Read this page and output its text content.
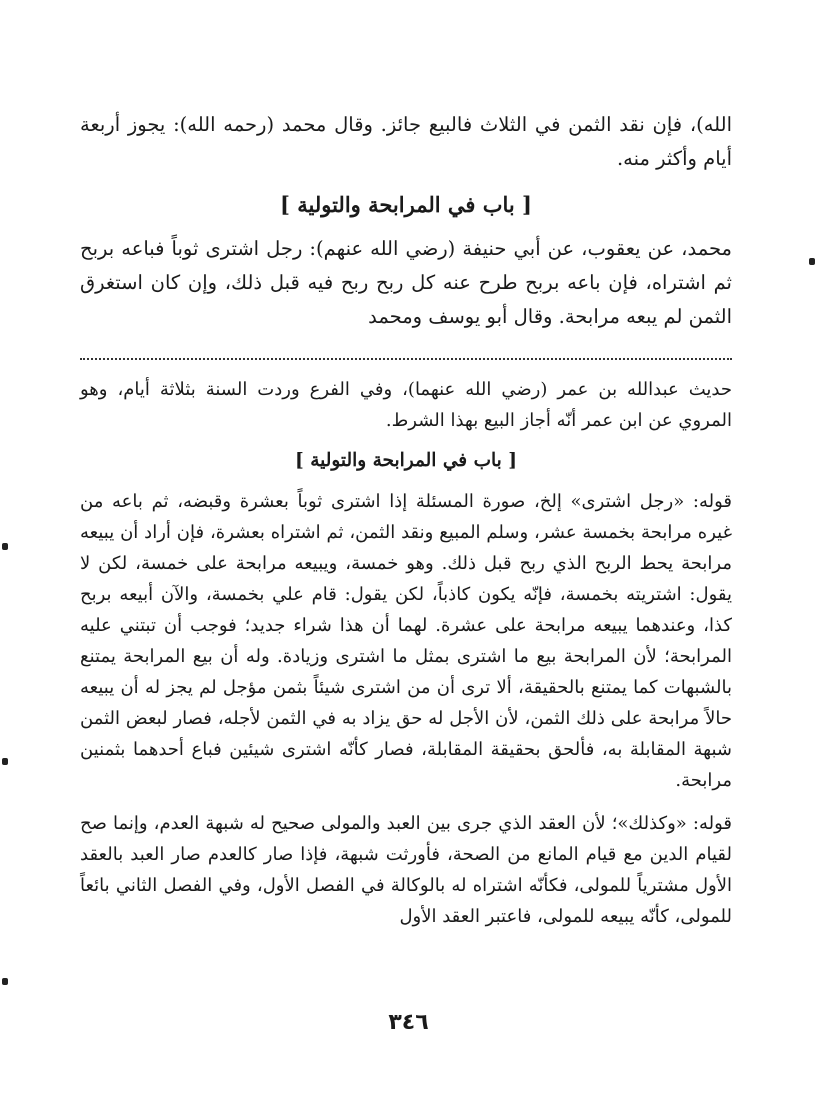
الله)، فإن نقد الثمن في الثلاث فالبيع جائز. وقال محمد (رحمه الله): يجوز أربعة أيام وأكثر منه.

[ باب في المرابحة والتولية ]

محمد، عن يعقوب، عن أبي حنيفة (رضي الله عنهم): رجل اشترى ثوباً فباعه بربح ثم اشتراه، فإن باعه بربح طرح عنه كل ربح ربح فيه قبل ذلك، وإن كان استغرق الثمن لم يبعه مرابحة. وقال أبو يوسف ومحمد

حديث عبدالله بن عمر (رضي الله عنهما)، وفي الفرع وردت السنة بثلاثة أيام، وهو المروي عن ابن عمر أنّه أجاز البيع بهذا الشرط.

[ باب في المرابحة والتولية ]

قوله: «رجل اشترى» إلخ، صورة المسئلة إذا اشترى ثوباً بعشرة وقبضه، ثم باعه من غيره مرابحة بخمسة عشر، وسلم المبيع ونقد الثمن، ثم اشتراه بعشرة، فإن أراد أن يبيعه مرابحة يحط الربح الذي ربح قبل ذلك. وهو خمسة، ويبيعه مرابحة على خمسة، لكن لا يقول: اشتريته بخمسة، فإنّه يكون كاذباً، لكن يقول: قام علي بخمسة، والآن أبيعه بربح كذا، وعندهما يبيعه مرابحة على عشرة. لهما أن هذا شراء جديد؛ فوجب أن تبتني عليه المرابحة؛ لأن المرابحة بيع ما اشترى بمثل ما اشترى وزيادة. وله أن بيع المرابحة يمتنع بالشبهات كما يمتنع بالحقيقة، ألا ترى أن من اشترى شيئاً بثمن مؤجل لم يجز له أن يبيعه حالاً مرابحة على ذلك الثمن، لأن الأجل له حق يزاد به في الثمن لأجله، فصار لبعض الثمن شبهة المقابلة به، فألحق بحقيقة المقابلة، فصار كأنّه اشترى شيئين فباع أحدهما بثمنين مرابحة.

قوله: «وكذلك»؛ لأن العقد الذي جرى بين العبد والمولى صحيح له شبهة العدم، وإنما صح لقيام الدين مع قيام المانع من الصحة، فأورثت شبهة، فإذا صار كالعدم صار العبد بالعقد الأول مشترياً للمولى، فكأنّه اشتراه له بالوكالة في الفصل الأول، وفي الفصل الثاني بائعاً للمولى، كأنّه يبيعه للمولى، فاعتبر العقد الأول

٣٤٦
